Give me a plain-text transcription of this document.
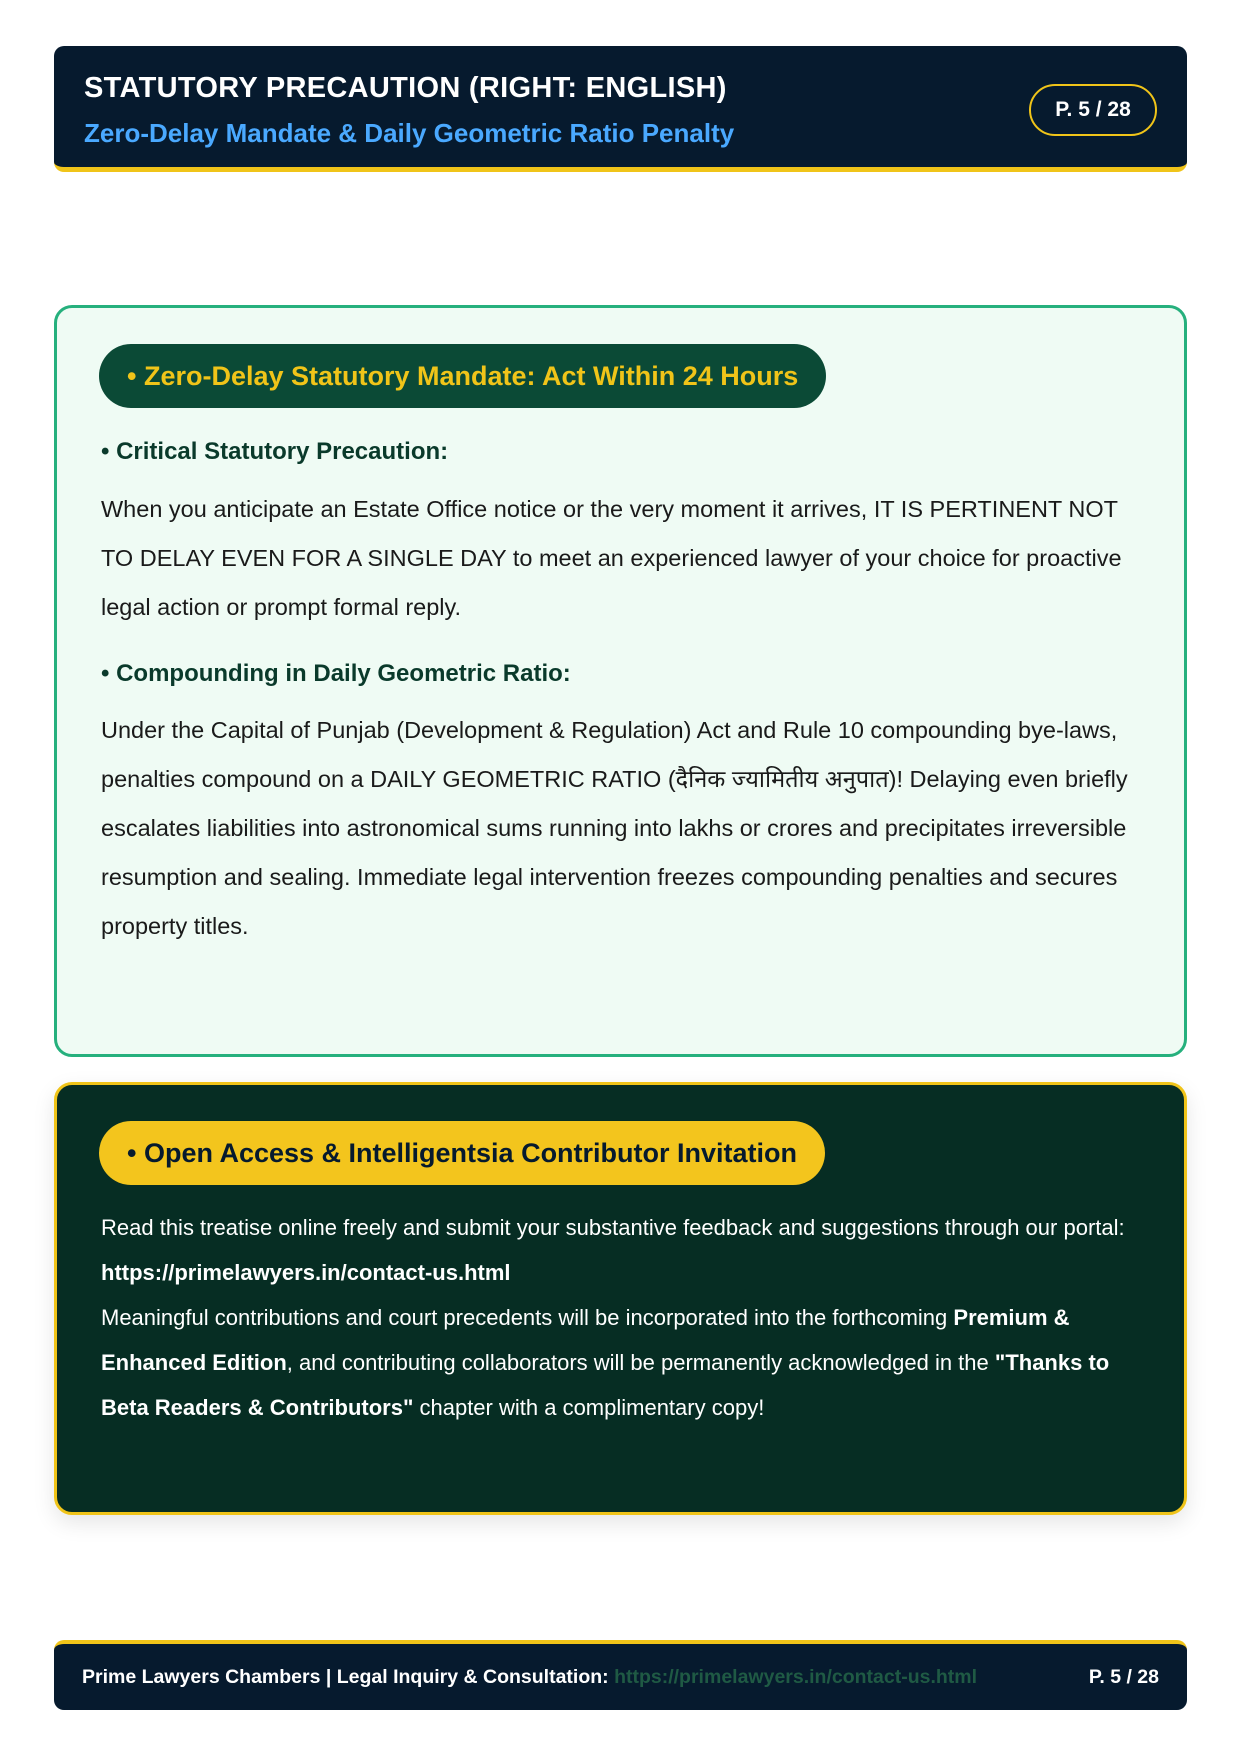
STATUTORY PRECAUTION (RIGHT: ENGLISH)
Zero-Delay Mandate & Daily Geometric Ratio Penalty
P. 5 / 28
• Zero-Delay Statutory Mandate: Act Within 24 Hours
• Critical Statutory Precaution:

When you anticipate an Estate Office notice or the very moment it arrives, IT IS PERTINENT NOT TO DELAY EVEN FOR A SINGLE DAY to meet an experienced lawyer of your choice for proactive legal action or prompt formal reply.

• Compounding in Daily Geometric Ratio:

Under the Capital of Punjab (Development & Regulation) Act and Rule 10 compounding bye-laws, penalties compound on a DAILY GEOMETRIC RATIO (दैनिक ज्यामितीय अनुपात)! Delaying even briefly escalates liabilities into astronomical sums running into lakhs or crores and precipitates irreversible resumption and sealing. Immediate legal intervention freezes compounding penalties and secures property titles.

• Open Access & Intelligentsia Contributor Invitation

Read this treatise online freely and submit your substantive feedback and suggestions through our portal: https://primelawyers.in/contact-us.html
Meaningful contributions and court precedents will be incorporated into the forthcoming Premium & Enhanced Edition, and contributing collaborators will be permanently acknowledged in the "Thanks to Beta Readers & Contributors" chapter with a complimentary copy!

Prime Lawyers Chambers | Legal Inquiry & Consultation: https://primelawyers.in/contact-us.html	P. 5 / 28
